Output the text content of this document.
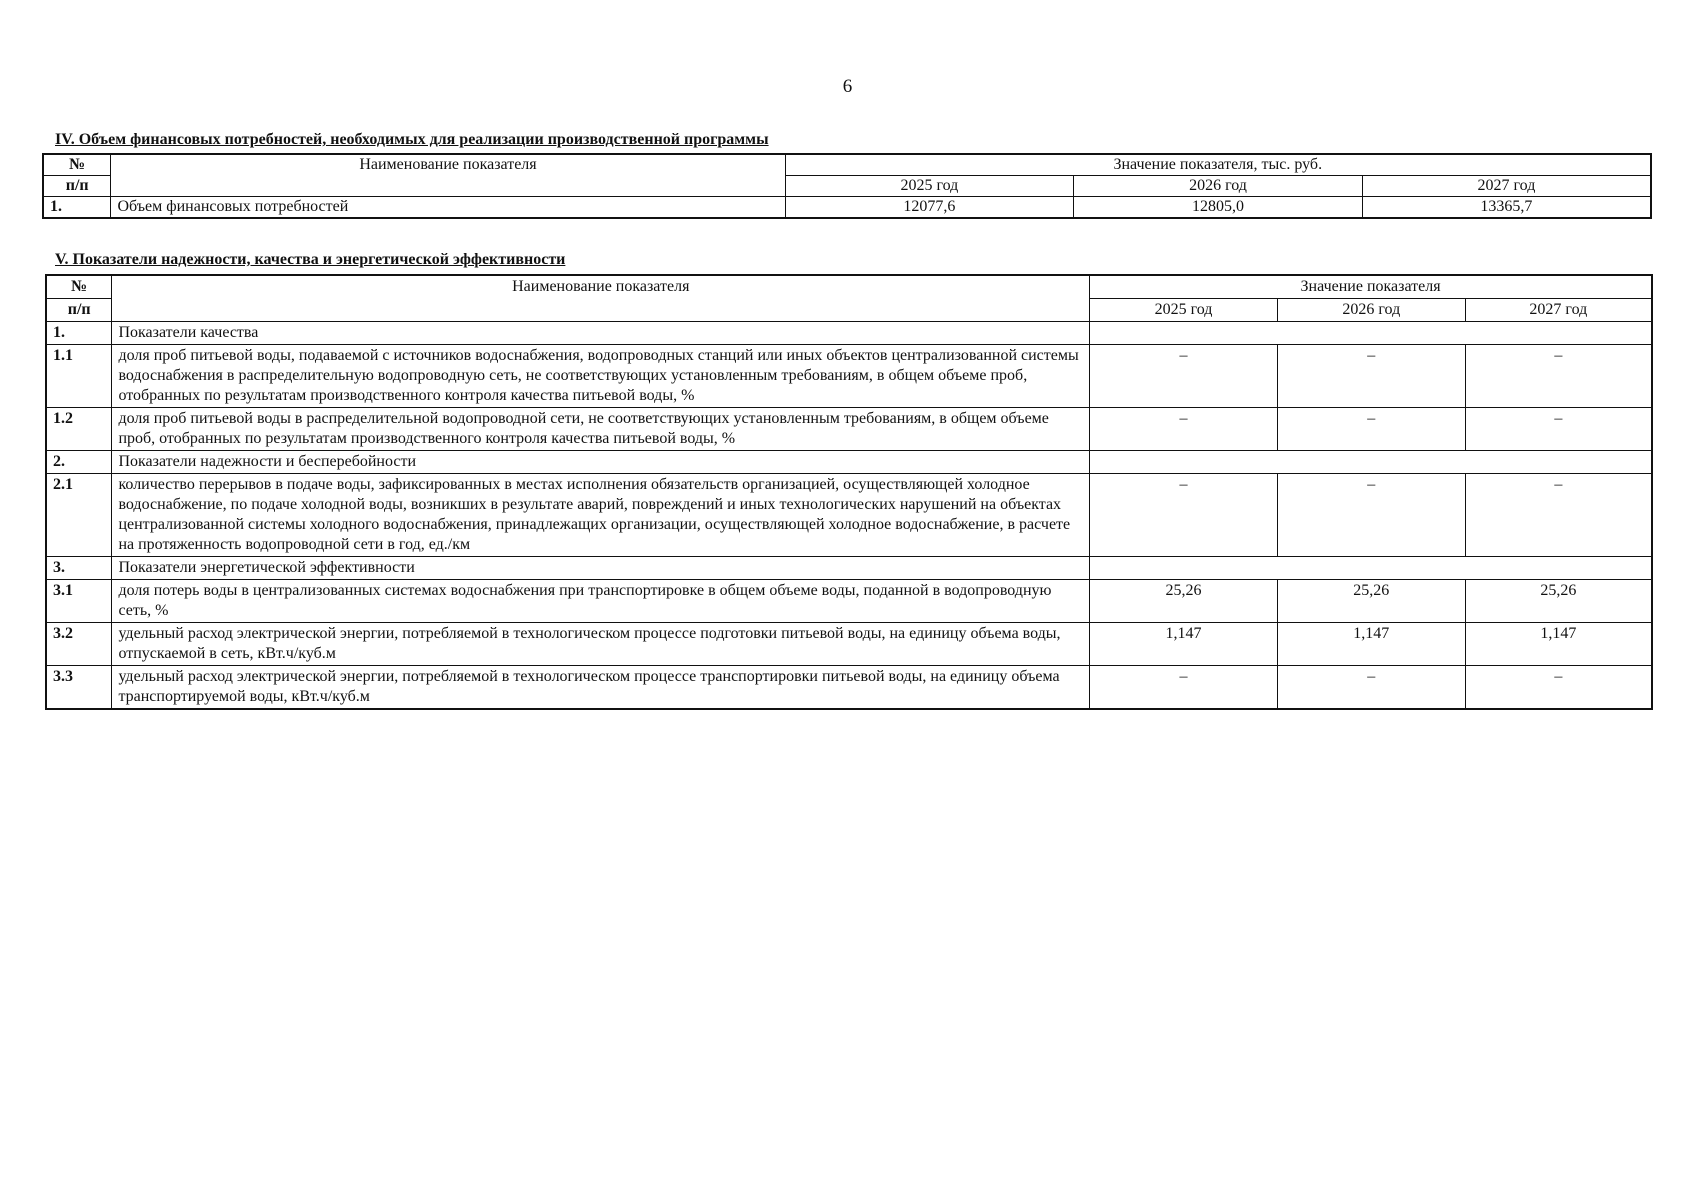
6
IV. Объем финансовых потребностей, необходимых для реализации производственной программы
№	Наименование показателя	Значение показателя, тыс. руб.		
п/п		2025 год	2026 год	2027 год
1.	Объем финансовых потребностей	12077,6	12805,0	13365,7
V. Показатели надежности, качества и энергетической эффективности
№	Наименование показателя	Значение показателя		
п/п		2025 год	2026 год	2027 год
1.	Показатели качества			
1.1	доля проб питьевой воды, подаваемой с источников водоснабжения, водопроводных станций или иных объектов централизованной системы водоснабжения в распределительную водопроводную сеть, не соответствующих установленным требованиям, в общем объеме проб, отобранных по результатам производственного контроля качества питьевой воды, %	–	–	–
1.2	доля проб питьевой воды в распределительной водопроводной сети, не соответствующих установленным требованиям, в общем объеме проб, отобранных по результатам производственного контроля качества питьевой воды, %	–	–	–
2.	Показатели надежности и бесперебойности			
2.1	количество перерывов в подаче воды, зафиксированных в местах исполнения обязательств организацией, осуществляющей холодное водоснабжение, по подаче холодной воды, возникших в результате аварий, повреждений и иных технологических нарушений на объектах централизованной системы холодного водоснабжения, принадлежащих организации, осуществляющей холодное водоснабжение, в расчете на протяженность водопроводной сети в год, ед./км	–	–	–
3.	Показатели энергетической эффективности			
3.1	доля потерь воды в централизованных системах водоснабжения при транспортировке в общем объеме воды, поданной в водопроводную сеть, %	25,26	25,26	25,26
3.2	удельный расход электрической энергии, потребляемой в технологическом процессе подготовки питьевой воды, на единицу объема воды, отпускаемой в сеть, кВт.ч/куб.м	1,147	1,147	1,147
3.3	удельный расход электрической энергии, потребляемой в технологическом процессе транспортировки питьевой воды, на единицу объема транспортируемой воды, кВт.ч/куб.м	–	–	–
